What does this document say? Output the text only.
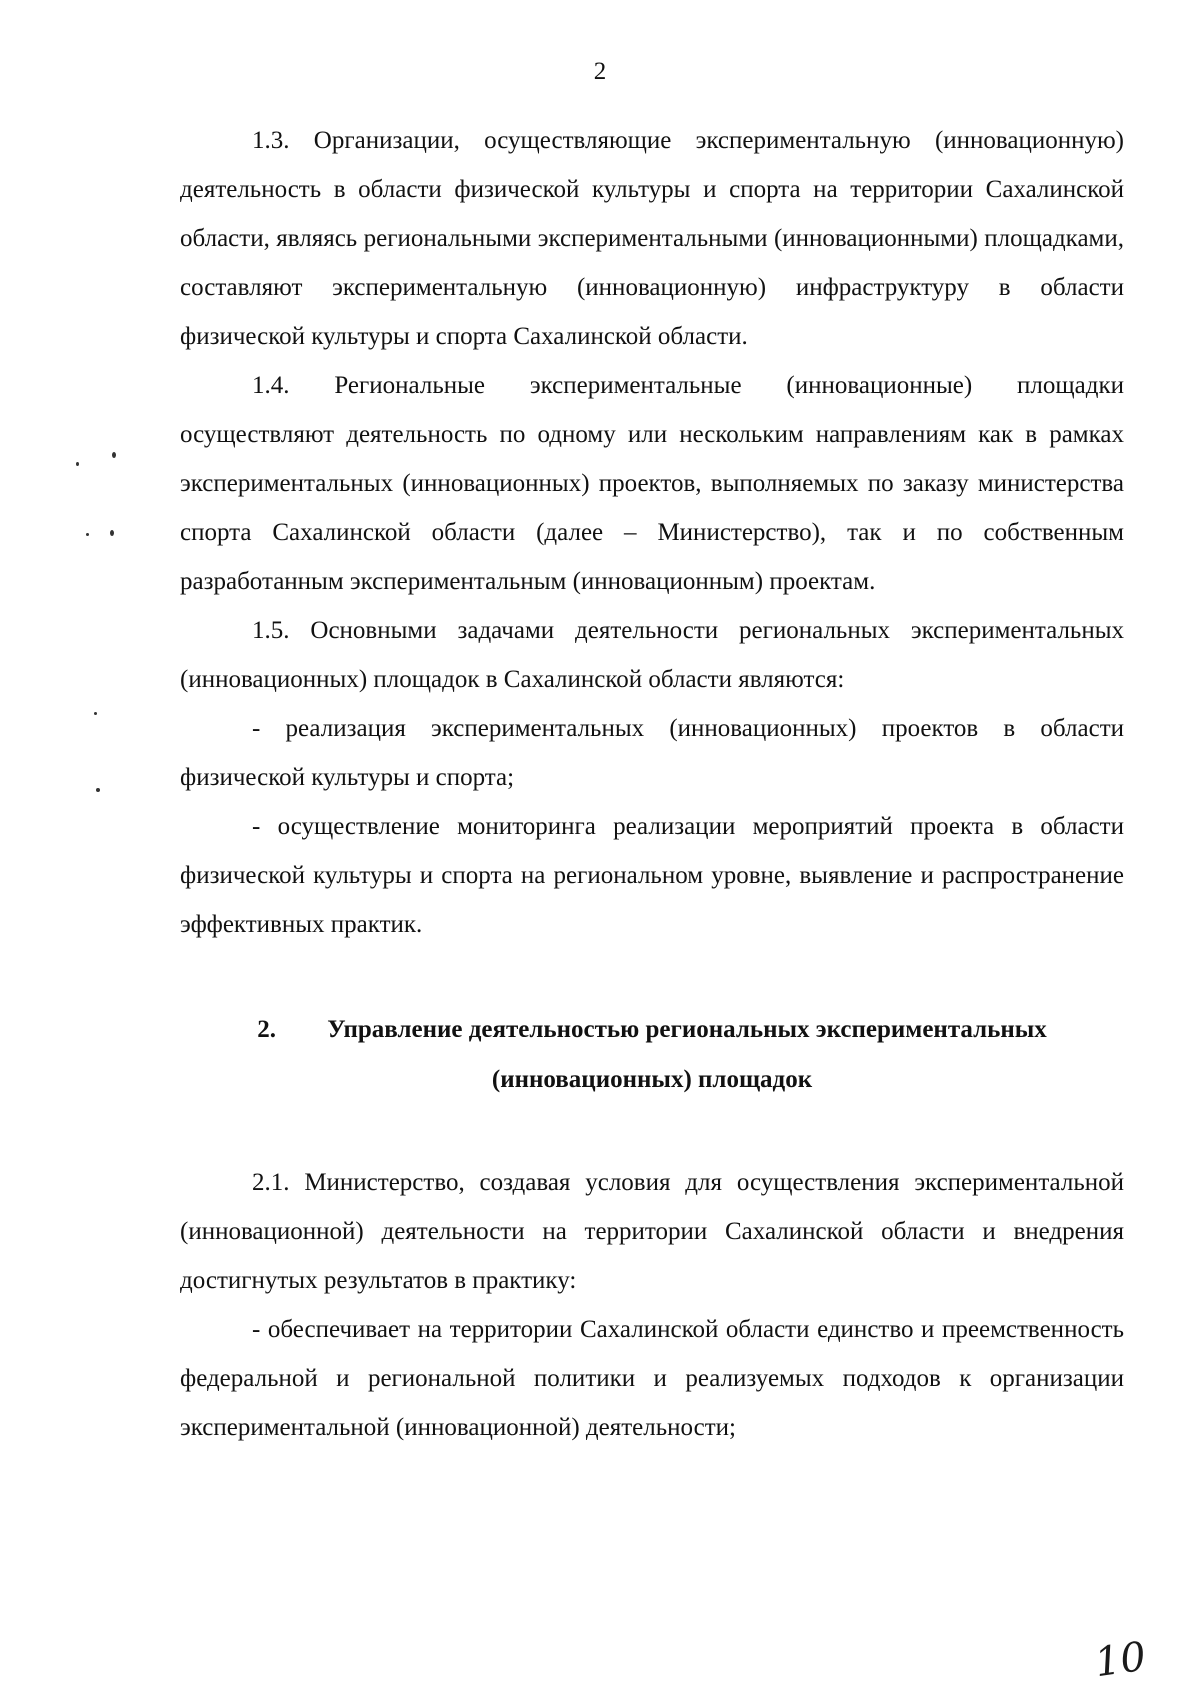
2

1.3. Организации, осуществляющие экспериментальную (инновационную) деятельность в области физической культуры и спорта на территории Сахалинской области, являясь региональными экспериментальными (инновационными) площадками, составляют экспериментальную (инновационную) инфраструктуру в области физической культуры и спорта Сахалинской области.

1.4. Региональные экспериментальные (инновационные) площадки осуществляют деятельность по одному или нескольким направлениям как в рамках экспериментальных (инновационных) проектов, выполняемых по заказу министерства спорта Сахалинской области (далее – Министерство), так и по собственным разработанным экспериментальным (инновационным) проектам.

1.5. Основными задачами деятельности региональных экспериментальных (инновационных) площадок в Сахалинской области являются:

- реализация экспериментальных (инновационных) проектов в области физической культуры и спорта;

- осуществление мониторинга реализации мероприятий проекта в области физической культуры и спорта на региональном уровне, выявление и распространение эффективных практик.

2. Управление деятельностью региональных экспериментальных
(инновационных) площадок

2.1. Министерство, создавая условия для осуществления экспериментальной (инновационной) деятельности на территории Сахалинской области и внедрения достигнутых результатов в практику:

- обеспечивает на территории Сахалинской области единство и преемственность федеральной и региональной политики и реализуемых подходов к организации экспериментальной (инновационной) деятельности;

10
